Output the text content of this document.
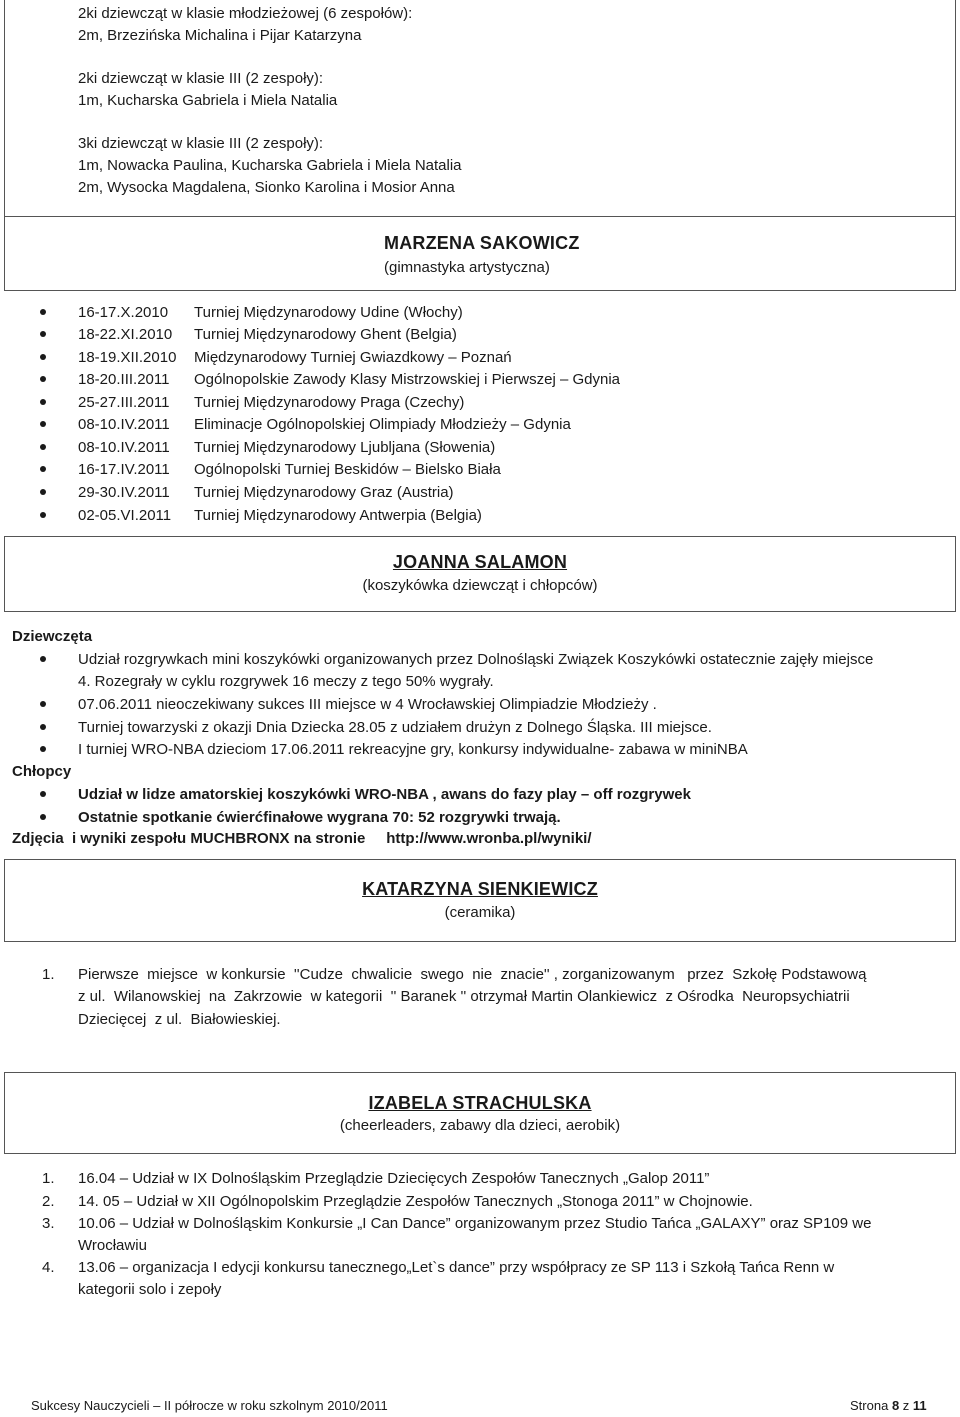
2ki dziewcząt w klasie młodzieżowej (6 zespołów):
2m, Brzezińska Michalina i Pijar Katarzyna
2ki dziewcząt w klasie III (2 zespoły):
1m, Kucharska Gabriela i Miela Natalia
3ki dziewcząt w klasie III (2 zespoły):
1m, Nowacka Paulina, Kucharska Gabriela i Miela Natalia
2m, Wysocka Magdalena, Sionko Karolina i Mosior Anna
MARZENA SAKOWICZ
(gimnastyka artystyczna)
16-17.X.2010 Turniej Międzynarodowy Udine (Włochy)
18-22.XI.2010 Turniej Międzynarodowy Ghent (Belgia)
18-19.XII.2010 Międzynarodowy Turniej Gwiazdkowy – Poznań
18-20.III.2011 Ogólnopolskie Zawody Klasy Mistrzowskiej i Pierwszej – Gdynia
25-27.III.2011 Turniej Międzynarodowy Praga (Czechy)
08-10.IV.2011 Eliminacje Ogólnopolskiej Olimpiady Młodzieży – Gdynia
08-10.IV.2011 Turniej Międzynarodowy Ljubljana (Słowenia)
16-17.IV.2011 Ogólnopolski Turniej Beskidów – Bielsko Biała
29-30.IV.2011 Turniej Międzynarodowy Graz (Austria)
02-05.VI.2011 Turniej Międzynarodowy Antwerpia (Belgia)
JOANNA SALAMON
(koszykówka dziewcząt i chłopców)
Dziewczęta
Udział rozgrywkach mini koszykówki organizowanych przez Dolnośląski Związek Koszykówki ostatecznie zajęły miejsce
4. Rozegrały w cyklu rozgrywek 16 meczy z tego 50% wygrały.
07.06.2011 nieoczekiwany sukces III miejsce w 4 Wrocławskiej Olimpiadzie Młodzieży .
Turniej towarzyski z okazji Dnia Dziecka 28.05 z udziałem drużyn z Dolnego Śląska. III miejsce.
I turniej WRO-NBA dzieciom 17.06.2011 rekreacyjne gry, konkursy indywidualne- zabawa w miniNBA
Chłopcy
Udział w lidze amatorskiej koszykówki WRO-NBA , awans do fazy play – off rozgrywek
Ostatnie spotkanie ćwierćfinałowe wygrana 70: 52 rozgrywki trwają.
Zdjęcia  i wyniki zespołu MUCHBRONX na stronie     http://www.wronba.pl/wyniki/
KATARZYNA SIENKIEWICZ
(ceramika)
1. Pierwsze  miejsce  w konkursie  ''Cudze  chwalicie  swego  nie  znacie'' , zorganizowanym   przez  Szkołę Podstawową
z ul.  Wilanowskiej  na  Zakrzowie  w kategorii  '' Baranek '' otrzymał Martin Olankiewicz  z Ośrodka  Neuropsychiatrii
Dziecięcej  z ul.  Białowieskiej.
IZABELA STRACHULSKA
(cheerleaders, zabawy dla dzieci, aerobik)
1. 16.04 – Udział w IX Dolnośląskim Przeglądzie Dziecięcych Zespołów Tanecznych „Galop 2011”
2. 14. 05 – Udział w XII Ogólnopolskim Przeglądzie Zespołów Tanecznych „Stonoga 2011” w Chojnowie.
3. 10.06 – Udział w Dolnośląskim Konkursie „I Can Dance” organizowanym przez Studio Tańca „GALAXY” oraz SP109 we
Wrocławiu
4. 13.06 – organizacja I edycji konkursu tanecznego„Let`s dance” przy współpracy ze SP 113 i Szkołą Tańca Renn w
kategorii solo i zepoły
Sukcesy Nauczycieli – II półrocze w roku szkolnym 2010/2011	Strona 8 z 11
